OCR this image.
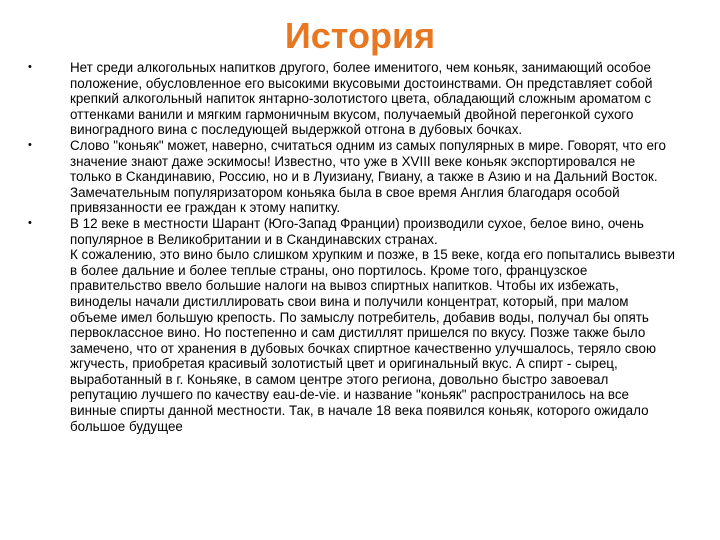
История
•	Нет среди алкогольных напитков другого, более именитого, чем коньяк, занимающий особое положение, обусловленное его высокими вкусовыми достоинствами. Он представляет собой крепкий алкогольный напиток янтарно-золотистого цвета, обладающий сложным ароматом с оттенками ванили и мягким гармоничным вкусом, получаемый двойной перегонкой сухого виноградного вина с последующей выдержкой отгона в дубовых бочках.
•	Слово "коньяк" может, наверно, считаться одним из самых популярных в мире. Говорят, что его значение знают даже эскимосы! Известно, что уже в XVIII веке коньяк экспортировался не только в Скандинавию, Россию, но и в Луизиану, Гвиану, а также в Азию и на Дальний Восток. Замечательным популяризатором коньяка была в свое время Англия благодаря особой привязанности ее граждан к этому напитку.
•	В 12 веке в местности Шарант (Юго-Запад Франции) производили сухое, белое вино, очень популярное в Великобритании и в Скандинавских странах.
К сожалению, это вино было слишком хрупким и позже, в 15 веке, когда его попытались вывезти в более дальние и более теплые страны, оно портилось. Кроме того, французское правительство ввело большие налоги на вывоз спиртных напитков. Чтобы их избежать, виноделы начали дистиллировать свои вина и получили концентрат, который, при малом объеме имел большую крепость. По замыслу потребитель, добавив воды, получал бы опять первоклассное вино. Но постепенно и сам дистиллят пришелся по вкусу. Позже также было замечено, что от хранения в дубовых бочках спиртное качественно улучшалось, теряло свою жгучесть, приобретая красивый золотистый цвет и оригинальный вкус. А спирт - сырец, выработанный в г. Коньяке, в самом центре этого региона, довольно быстро завоевал репутацию лучшего по качеству eau-de-vie. и название "коньяк" распространилось на все винные спирты данной местности. Так, в начале 18 века появился коньяк, которого ожидало большое будущее
